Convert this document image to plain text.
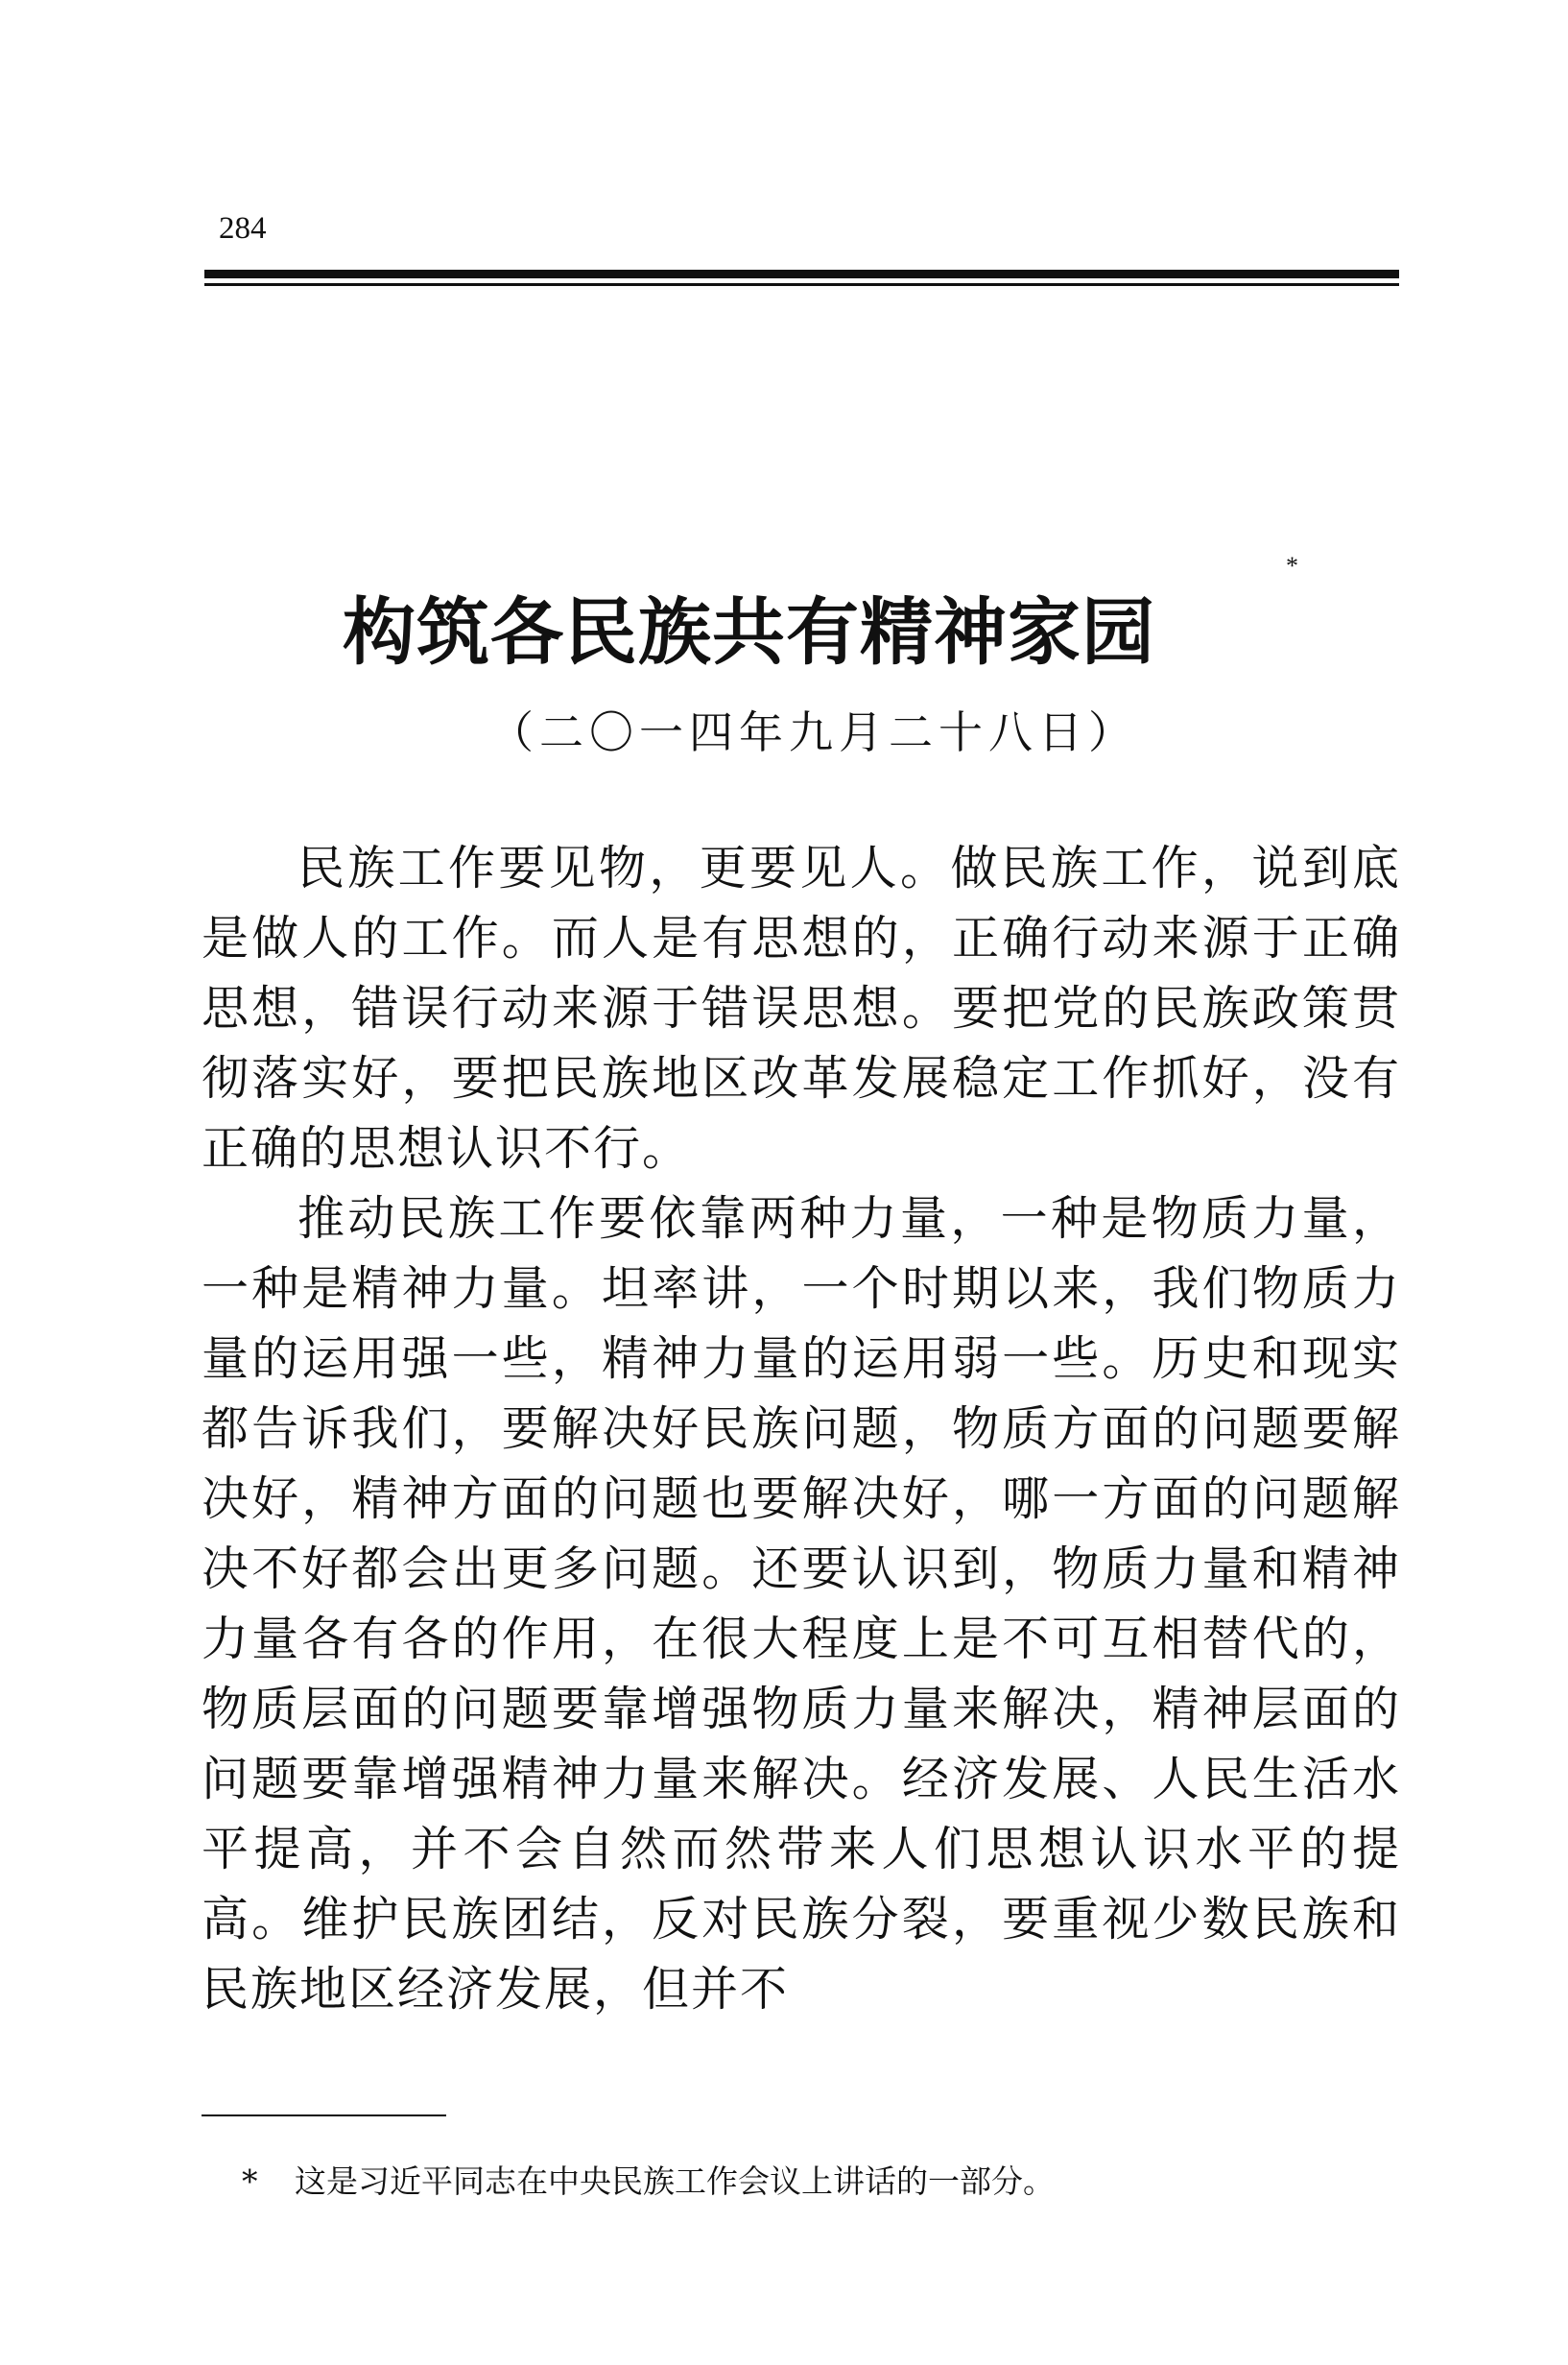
284
构筑各民族共有精神家园
*
（二〇一四年九月二十八日）

民族工作要见物，更要见人。做民族工作，说到底是做人的工作。而人是有思想的，正确行动来源于正确思想，错误行动来源于错误思想。要把党的民族政策贯彻落实好，要把民族地区改革发展稳定工作抓好，没有正确的思想认识不行。

推动民族工作要依靠两种力量，一种是物质力量，一种是精神力量。坦率讲，一个时期以来，我们物质力量的运用强一些，精神力量的运用弱一些。历史和现实都告诉我们，要解决好民族问题，物质方面的问题要解决好，精神方面的问题也要解决好，哪一方面的问题解决不好都会出更多问题。还要认识到，物质力量和精神力量各有各的作用，在很大程度上是不可互相替代的，物质层面的问题要靠增强物质力量来解决，精神层面的问题要靠增强精神力量来解决。经济发展、人民生活水平提高，并不会自然而然带来人们思想认识水平的提高。维护民族团结，反对民族分裂，要重视少数民族和民族地区经济发展，但并不

* 这是习近平同志在中央民族工作会议上讲话的一部分。
